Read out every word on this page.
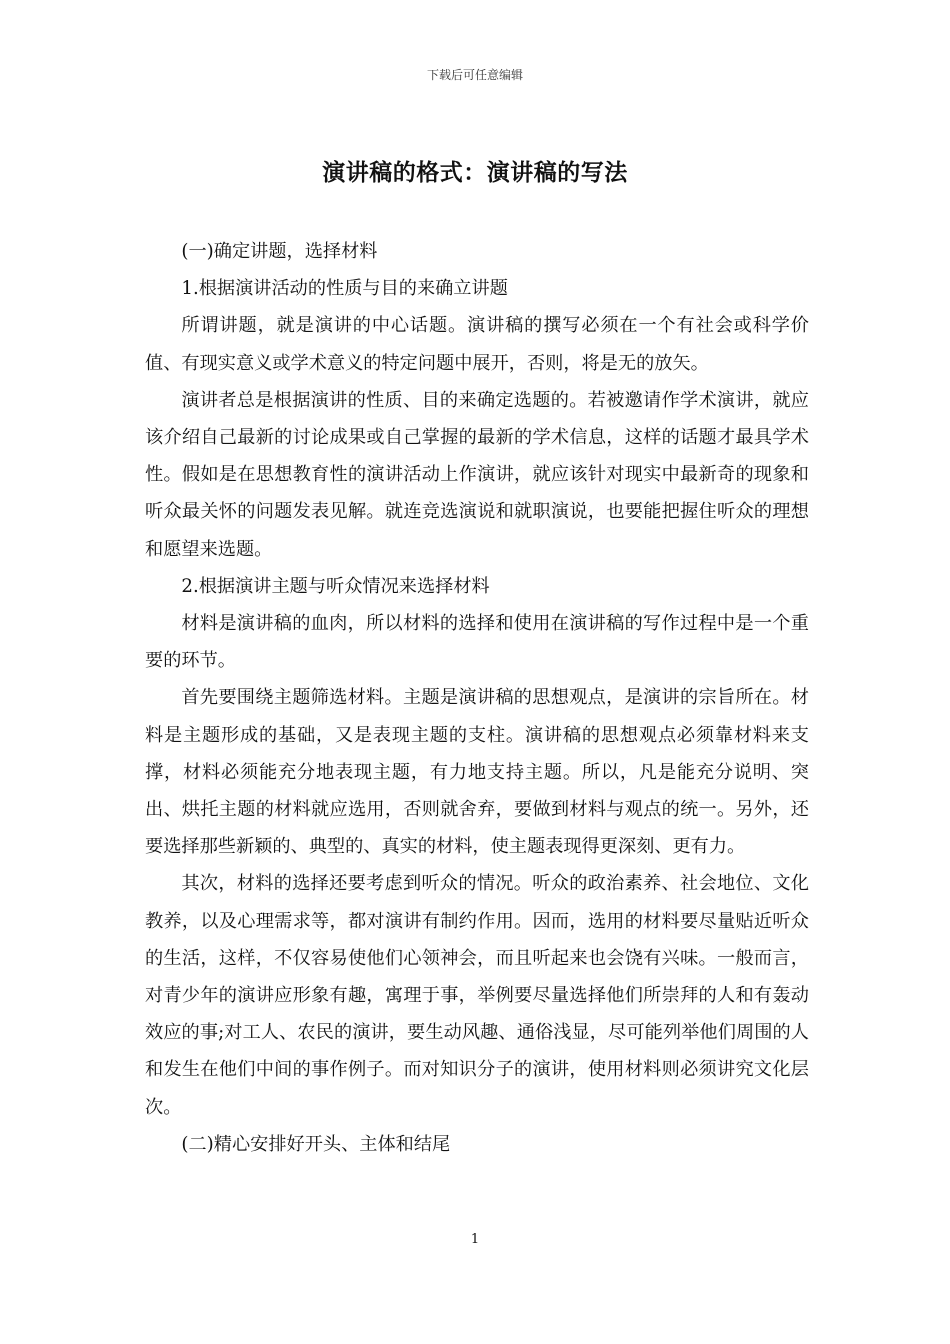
下载后可任意编辑
演讲稿的格式：演讲稿的写法

(一)确定讲题，选择材料

1.根据演讲活动的性质与目的来确立讲题

所谓讲题，就是演讲的中心话题。演讲稿的撰写必须在一个有社会或科学价值、有现实意义或学术意义的特定问题中展开，否则，将是无的放矢。

演讲者总是根据演讲的性质、目的来确定选题的。若被邀请作学术演讲，就应该介绍自己最新的讨论成果或自己掌握的最新的学术信息，这样的话题才最具学术性。假如是在思想教育性的演讲活动上作演讲，就应该针对现实中最新奇的现象和听众最关怀的问题发表见解。就连竞选演说和就职演说，也要能把握住听众的理想和愿望来选题。

2.根据演讲主题与听众情况来选择材料

材料是演讲稿的血肉，所以材料的选择和使用在演讲稿的写作过程中是一个重要的环节。

首先要围绕主题筛选材料。主题是演讲稿的思想观点，是演讲的宗旨所在。材料是主题形成的基础，又是表现主题的支柱。演讲稿的思想观点必须靠材料来支撑，材料必须能充分地表现主题，有力地支持主题。所以，凡是能充分说明、突出、烘托主题的材料就应选用，否则就舍弃，要做到材料与观点的统一。另外，还要选择那些新颖的、典型的、真实的材料，使主题表现得更深刻、更有力。

其次，材料的选择还要考虑到听众的情况。听众的政治素养、社会地位、文化教养，以及心理需求等，都对演讲有制约作用。因而，选用的材料要尽量贴近听众的生活，这样，不仅容易使他们心领神会，而且听起来也会饶有兴味。一般而言，对青少年的演讲应形象有趣，寓理于事，举例要尽量选择他们所崇拜的人和有轰动效应的事;对工人、农民的演讲，要生动风趣、通俗浅显，尽可能列举他们周围的人和发生在他们中间的事作例子。而对知识分子的演讲，使用材料则必须讲究文化层次。

(二)精心安排好开头、主体和结尾

1
